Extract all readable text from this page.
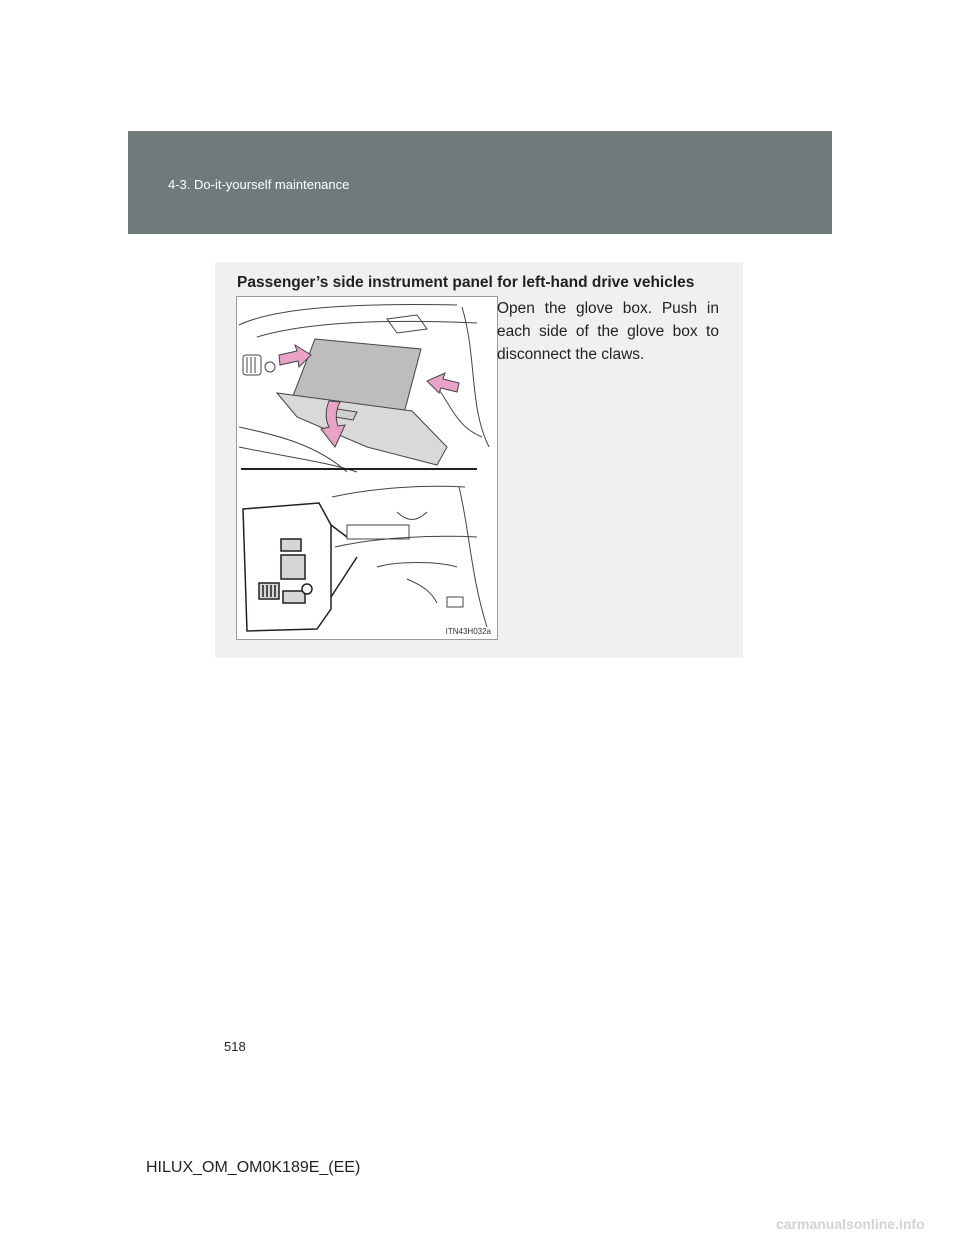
4-3. Do-it-yourself maintenance
Passenger’s side instrument panel for left-hand drive vehicles
ITN43H032a
Open the glove box. Push in each side of the glove box to disconnect the claws.
518
HILUX_OM_OM0K189E_(EE)
carmanualsonline.info
